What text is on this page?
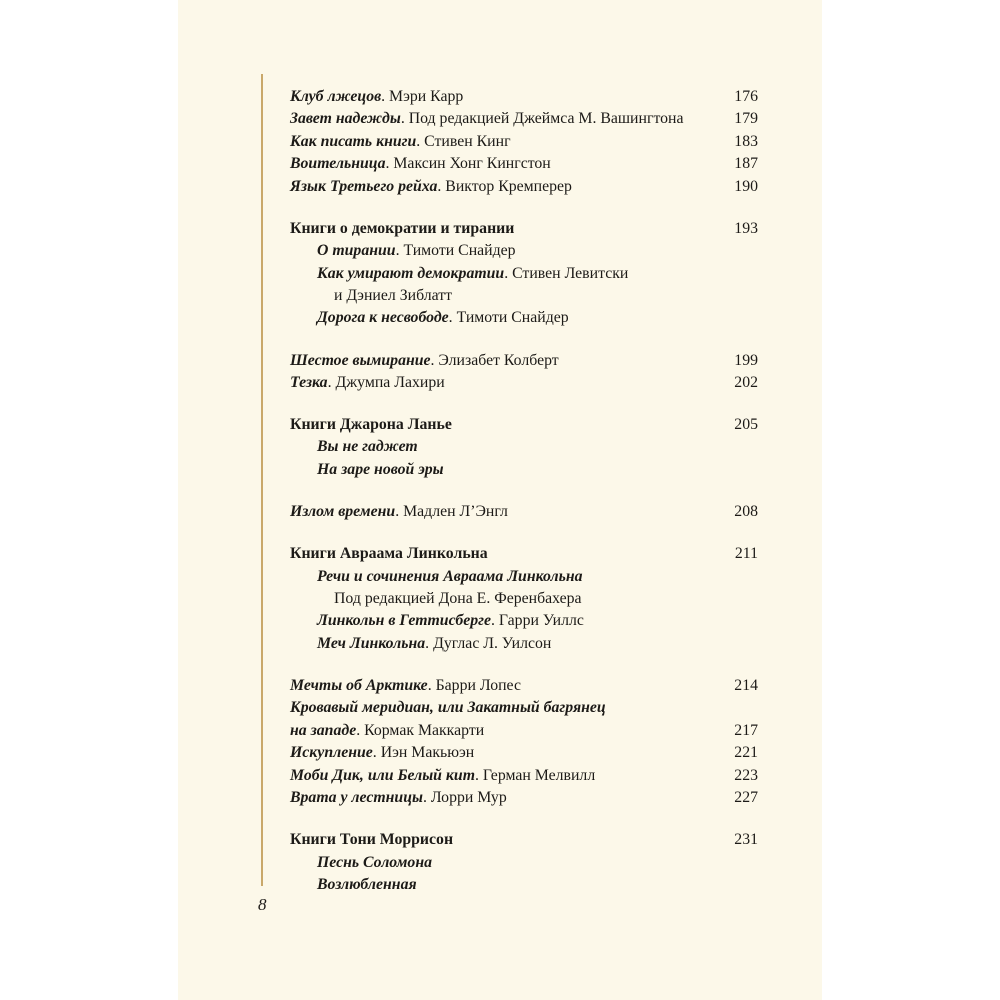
Клуб лжецов. Мэри Карр	176
Завет надежды. Под редакцией Джеймса М. Вашингтона	179
Как писать книги. Стивен Кинг	183
Воительница. Максин Хонг Кингстон	187
Язык Третьего рейха. Виктор Кремперер	190
Книги о демократии и тирании	193
О тирании. Тимоти Снайдер
Как умирают демократии. Стивен Левитски
и Дэниел Зиблатт
Дорога к несвободе. Тимоти Снайдер
Шестое вымирание. Элизабет Колберт	199
Тезка. Джумпа Лахири	202
Книги Джарона Ланье	205
Вы не гаджет
На заре новой эры
Излом времени. Мадлен Л’Энгл	208
Книги Авраама Линкольна	211
Речи и сочинения Авраама Линкольна
Под редакцией Дона Е. Ференбахера
Линкольн в Геттисберге. Гарри Уиллс
Меч Линкольна. Дуглас Л. Уилсон
Мечты об Арктике. Барри Лопес	214
Кровавый меридиан, или Закатный багрянец
на западе. Кормак Маккарти	217
Искупление. Иэн Макьюэн	221
Моби Дик, или Белый кит. Герман Мелвилл	223
Врата у лестницы. Лорри Мур	227
Книги Тони Моррисон	231
Песнь Соломона
Возлюбленная
8
